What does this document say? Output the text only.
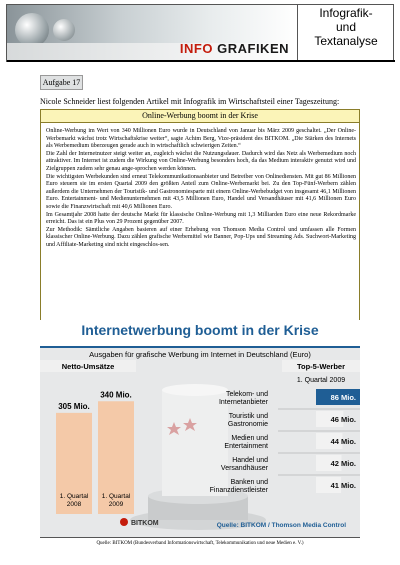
INFO GRAFIKEN
Infografik-
und
Textanalyse
Aufgabe 17
Nicole Schneider liest folgenden Artikel mit Infografik im Wirtschaftsteil einer Tageszeitung:
Online-Werbung boomt in der Krise

Online-Werbung im Wert von 340 Millionen Euro wurde in Deutschland von Januar bis März 2009 geschaltet. „Der Online-Werbemarkt wächst trotz Wirtschaftskrise weiter“, sagte Achim Berg, Vize-präsident des BITKOM. „Die Stärken des Internets als Werbemedium überzeugen gerade auch in wirtschaftlich schwierigen Zeiten.“

Die Zahl der Internetnutzer steigt weiter an, zugleich wächst die Nutzungsdauer. Dadurch wird das Netz als Werbemedium noch attraktiver. Im Internet ist zudem die Wirkung von Online-Werbung besonders hoch, da das Medium interaktiv genutzt wird und Zielgruppen zudem sehr genau ange-sprochen werden können.

Die wichtigsten Werbekunden sind erneut Telekommunikationsanbieter und Betreiber von Onlinediensten. Mit gut 86 Millionen Euro steuern sie im ersten Quartal 2009 den größten Anteil zum Online-Werbemarkt bei. Zu den Top-Fünf-Werbern zählen außerdem die Unternehmen der Touristik- und Gastronomiesparte mit einem Online-Werbebudget von insgesamt 46,1 Millionen Euro. Entertainment- und Medienunternehmen mit 43,5 Millionen Euro, Handel und Versandhäuser mit 41,6 Millionen Euro sowie die Finanzwirtschaft mit 40,6 Millionen Euro.

Im Gesamtjahr 2008 hatte der deutsche Markt für klassische Online-Werbung mit 1,3 Milliarden Euro eine neue Rekordmarke erreicht. Das ist ein Plus von 29 Prozent gegenüber 2007.

Zur Methodik: Sämtliche Angaben basieren auf einer Erhebung von Thomson Media Control und umfassen alle Formen klassischer Online-Werbung. Dazu zählen grafische Werbemittel wie Banner, Pop-Ups und Streaming Ads. Suchwort-Marketing und Affiliate-Marketing sind nicht eingeschlos-sen.

Internetwerbung boomt in der Krise
Ausgaben für grafische Werbung im Internet in Deutschland (Euro)
Netto-Umsätze
305 Mio.
1. Quartal
2008
340 Mio.
1. Quartal
2009
Top-5-Werber
1. Quartal 2009
Telekom- und
Internetanbieter
86 Mio.
Touristik und
Gastronomie
46 Mio.
Medien und
Entertainment
44 Mio.
Handel und
Versandhäuser
42 Mio.
Banken und
Finanzdienstleister
41 Mio.
BITKOM	Quelle: BITKOM / Thomson Media Control
Quelle: BITKOM (Bundesverband Informationswirtschaft, Telekommunikation und neue Medien e. V.)
